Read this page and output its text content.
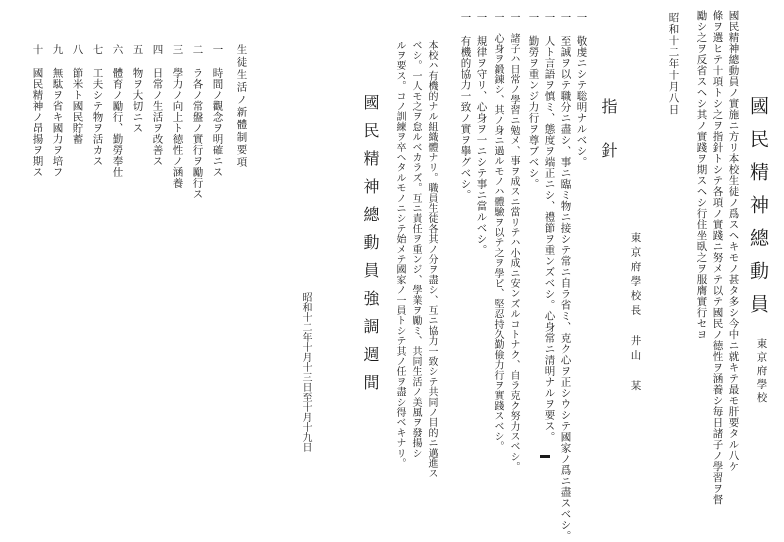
國民精神總動員
東京府學校
國民精神總動員ノ實施ニ方リ本校生徒ノ爲スヘキモノ甚タ多シ今中ニ就キテ最モ肝要タル八ケ
條ヲ選ヒテ十項トシ之ヲ指針トシテ各項ノ實踐ニ努メテ以テ國民ノ徳性ヲ涵養シ毎日諸子ノ學習ヲ督
勵シ之ヲ反省スヘシ其ノ實踐ヲ期スヘシ行住坐臥之ヲ服膺實行セヨ
昭和十二年十月八日
東京府學校長 井山 某
指針
一 敬虔ニシテ聡明ナルベシ。
一 至誠ヲ以テ職分ニ盡シ、事ニ臨ミ物ニ接シテ常ニ自ラ省ミ、克ク心ヲ正シウシテ國家ノ爲ニ盡スベシ。
一 人ト言語ヲ慎ミ、態度ヲ端正ニシ、禮節ヲ重ンズベシ。心身常ニ清明ナルヲ要ス。
一 勤勞ヲ重ンジ力行ヲ尊ブベシ。
一 諸子ハ日常ノ學習ニ勉メ、事ヲ成スニ當リテハ小成ニ安ンズルコトナク、自ラ克ク努力スベシ。
一 心身ヲ鍛錬シ、其ノ身ニ過ルモノハ體驗ヲ以テ之ヲ學ビ、堅忍持久勤儉力行ヲ實踐スベシ。
一 規律ヲ守リ、心身ヲ一ニシテ事ニ當ルベシ。
一 有機的協力一致ノ實ヲ擧グベシ。
本校ハ有機的ナル組織體ナリ。職員生徒各其ノ分ヲ盡シ、互ニ協力一致シテ共同ノ目的ニ邁進ス
ベシ。一人モ之ヲ怠ルベカラズ。互ニ責任ヲ重ンジ、學業ヲ勵ミ、共同生活ノ美風ヲ發揚シ
ルヲ要ス。コノ訓練ヲ卒ヘタルモノニシテ始メテ國家ノ一員トシテ其ノ任ヲ盡シ得ベキナリ。
國民精神總動員強調週間
昭和十二年十月十三日至十月十九日
生徒生活ノ新體制要項
一 時間ノ觀念ヲ明確ニス
二 ラ各ノ常盤ノ實行ヲ勵行ス
三 學力ノ向上ト徳性ノ涵養
四 日常ノ生活ヲ改善ス
五 物ヲ大切ニス
六 體育ノ勵行、勤勞奉仕
七 工夫シテ物ヲ活カス
八 節米ト國民貯蓄
九 無駄ヲ省キ國力ヲ培フ
十 國民精神ノ昂揚ヲ期ス
